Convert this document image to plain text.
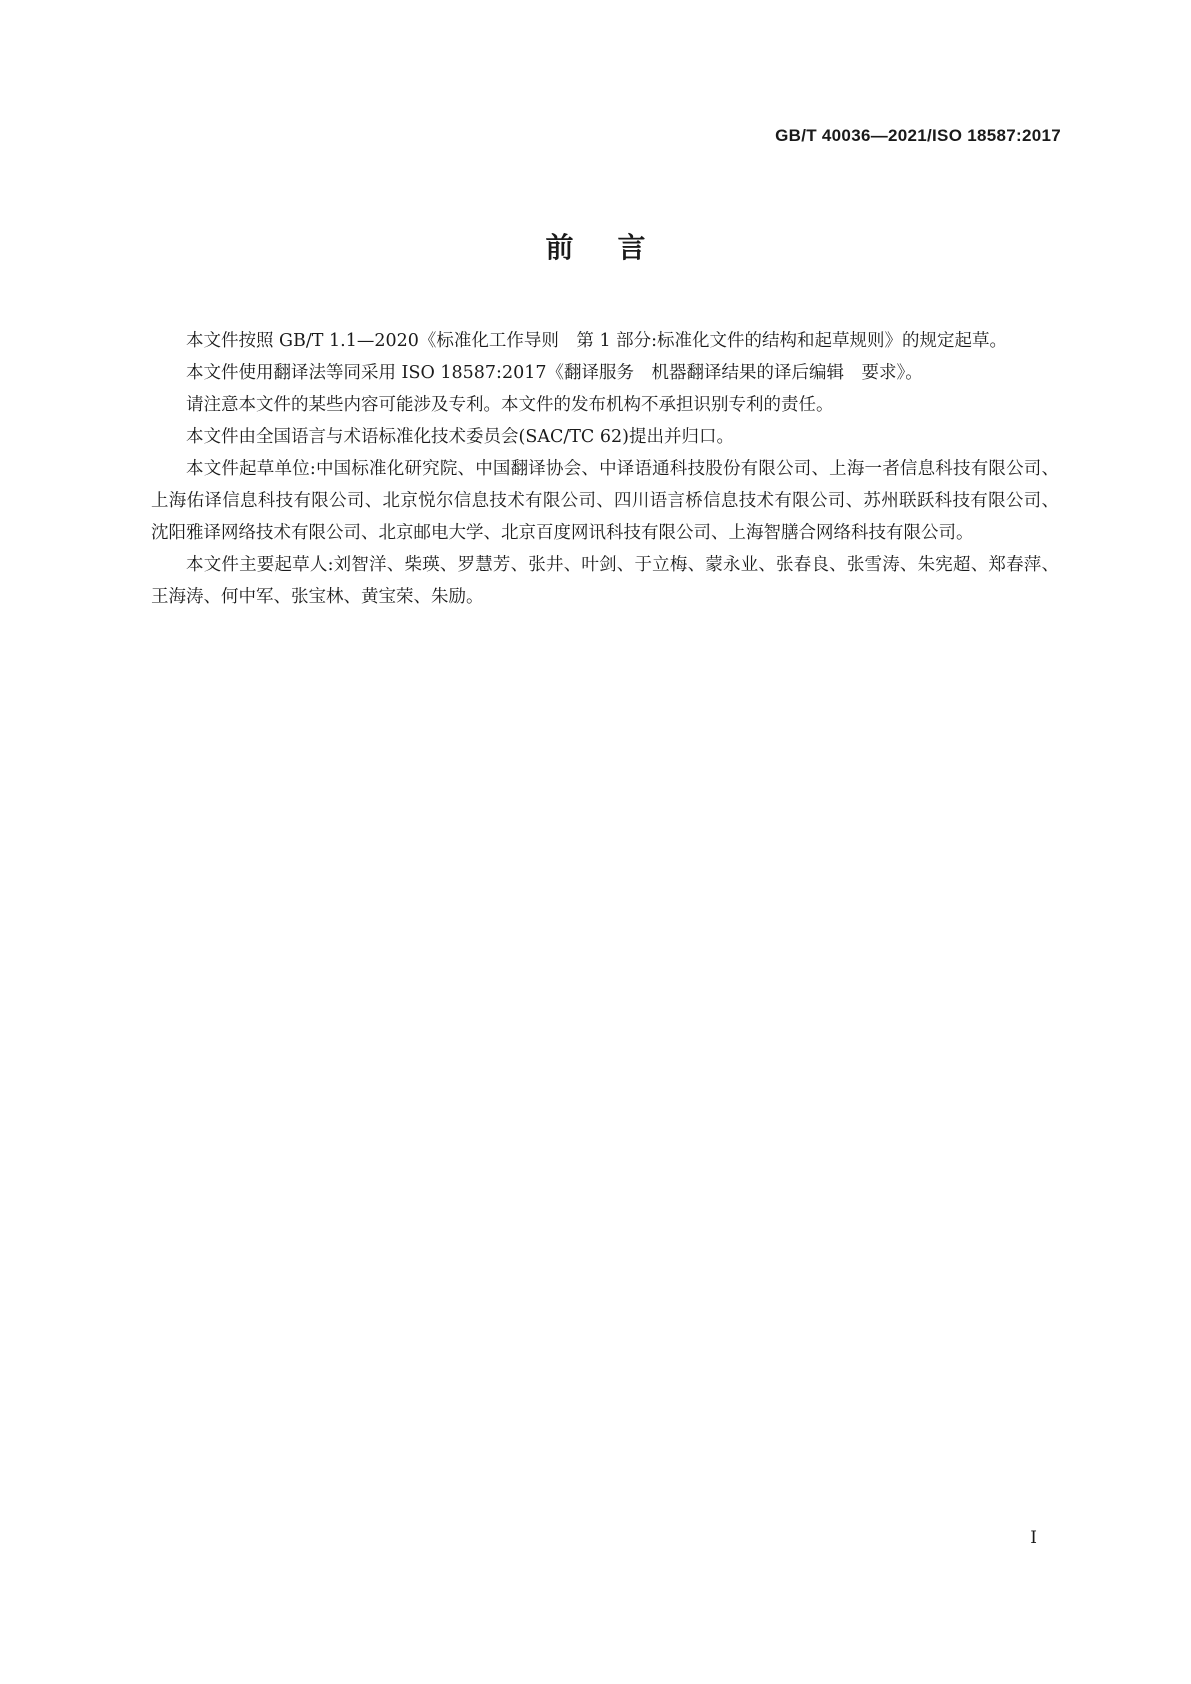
GB/T 40036—2021/ISO 18587:2017
前言

本文件按照 GB/T 1.1—2020《标准化工作导则　第 1 部分:标准化文件的结构和起草规则》的规定起草。

本文件使用翻译法等同采用 ISO 18587:2017《翻译服务　机器翻译结果的译后编辑　要求》。

请注意本文件的某些内容可能涉及专利。本文件的发布机构不承担识别专利的责任。

本文件由全国语言与术语标准化技术委员会(SAC/TC 62)提出并归口。

本文件起草单位:中国标准化研究院、中国翻译协会、中译语通科技股份有限公司、上海一者信息科技有限公司、上海佑译信息科技有限公司、北京悦尔信息技术有限公司、四川语言桥信息技术有限公司、苏州联跃科技有限公司、沈阳雅译网络技术有限公司、北京邮电大学、北京百度网讯科技有限公司、上海智膳合网络科技有限公司。

本文件主要起草人:刘智洋、柴瑛、罗慧芳、张井、叶剑、于立梅、蒙永业、张春良、张雪涛、朱宪超、郑春萍、王海涛、何中军、张宝林、黄宝荣、朱励。

I
